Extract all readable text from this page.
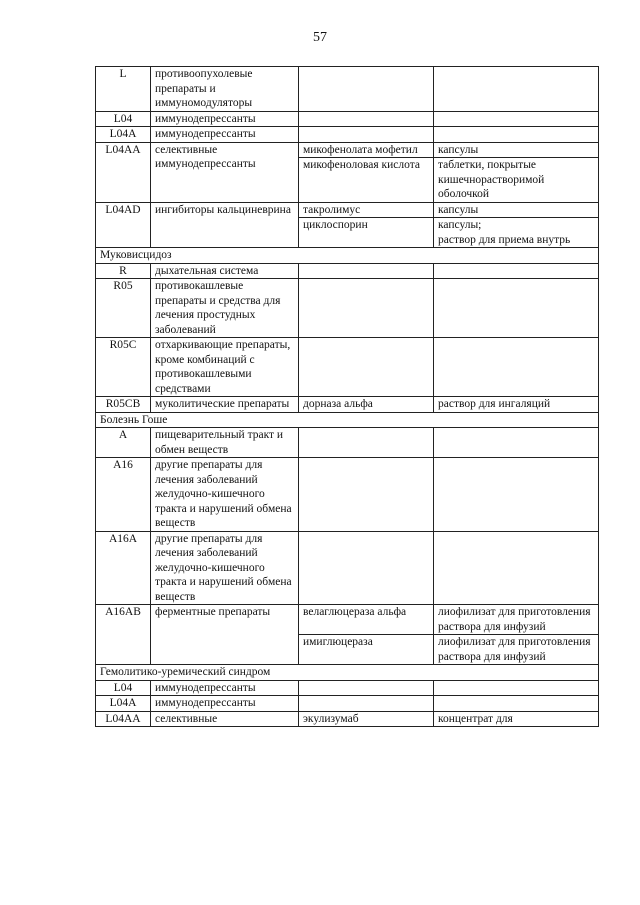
57
L	противоопухолевые препараты и иммуномодуляторы		
L04	иммунодепрессанты		
L04A	иммунодепрессанты		
L04AA	селективные иммунодепрессанты	микофенолата мофетил	капсулы
		микофеноловая кислота	таблетки, покрытые кишечнорастворимой оболочкой
L04AD	ингибиторы кальциневрина	такролимус	капсулы
		циклоспорин	капсулы;
раствор для приема внутрь
Муковисцидоз			
R	дыхательная система		
R05	противокашлевые препараты и средства для лечения простудных заболеваний		
R05C	отхаркивающие препараты, кроме комбинаций с противокашлевыми средствами		
R05CB	муколитические препараты	дорназа альфа	раствор для ингаляций
Болезнь Гоше			
A	пищеварительный тракт и обмен веществ		
A16	другие препараты для лечения заболеваний желудочно-кишечного тракта и нарушений обмена веществ		
A16A	другие препараты для лечения заболеваний желудочно-кишечного тракта и нарушений обмена веществ		
A16AB	ферментные препараты	велаглюцераза альфа	лиофилизат для приготовления раствора для инфузий
		имиглюцераза	лиофилизат для приготовления раствора для инфузий
Гемолитико-уремический синдром			
L04	иммунодепрессанты		
L04A	иммунодепрессанты		
L04AA	селективные	экулизумаб	концентрат для
